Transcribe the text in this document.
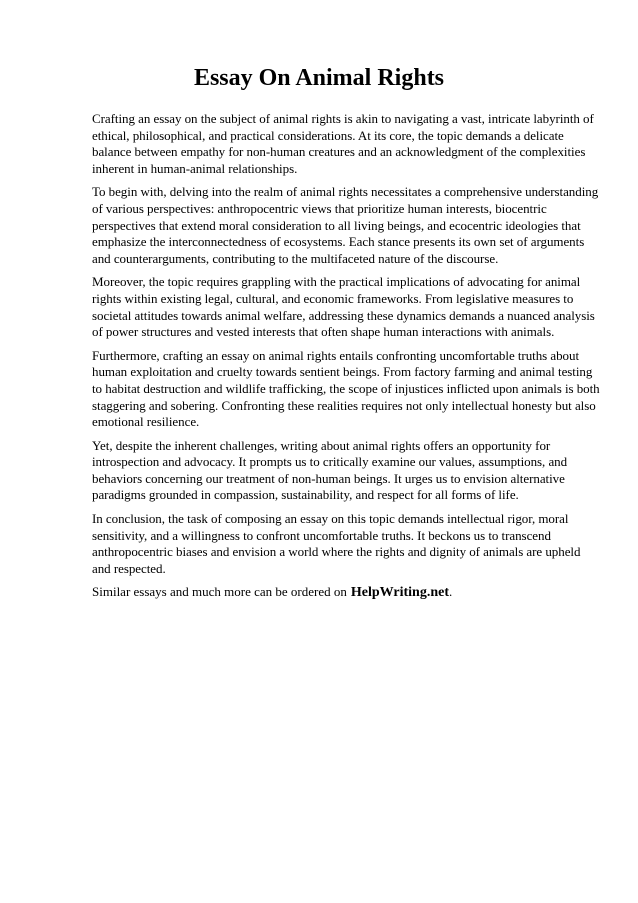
Essay On Animal Rights

Crafting an essay on the subject of animal rights is akin to navigating a vast, intricate labyrinth of ethical, philosophical, and practical considerations. At its core, the topic demands a delicate balance between empathy for non-human creatures and an acknowledgment of the complexities inherent in human-animal relationships.

To begin with, delving into the realm of animal rights necessitates a comprehensive understanding of various perspectives: anthropocentric views that prioritize human interests, biocentric perspectives that extend moral consideration to all living beings, and ecocentric ideologies that emphasize the interconnectedness of ecosystems. Each stance presents its own set of arguments and counterarguments, contributing to the multifaceted nature of the discourse.

Moreover, the topic requires grappling with the practical implications of advocating for animal rights within existing legal, cultural, and economic frameworks. From legislative measures to societal attitudes towards animal welfare, addressing these dynamics demands a nuanced analysis of power structures and vested interests that often shape human interactions with animals.

Furthermore, crafting an essay on animal rights entails confronting uncomfortable truths about human exploitation and cruelty towards sentient beings. From factory farming and animal testing to habitat destruction and wildlife trafficking, the scope of injustices inflicted upon animals is both staggering and sobering. Confronting these realities requires not only intellectual honesty but also emotional resilience.

Yet, despite the inherent challenges, writing about animal rights offers an opportunity for introspection and advocacy. It prompts us to critically examine our values, assumptions, and behaviors concerning our treatment of non-human beings. It urges us to envision alternative paradigms grounded in compassion, sustainability, and respect for all forms of life.

In conclusion, the task of composing an essay on this topic demands intellectual rigor, moral sensitivity, and a willingness to confront uncomfortable truths. It beckons us to transcend anthropocentric biases and envision a world where the rights and dignity of animals are upheld and respected.

Similar essays and much more can be ordered on HelpWriting.net.
